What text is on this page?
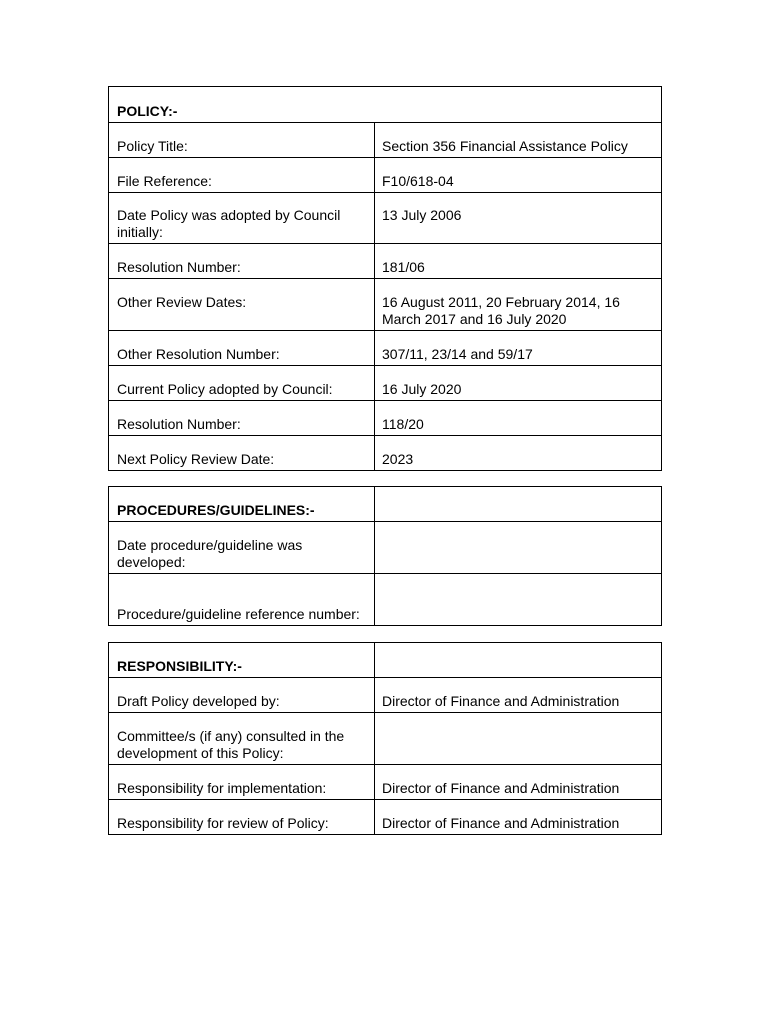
POLICY:-	
Policy Title:	Section 356 Financial Assistance Policy
File Reference:	F10/618-04
Date Policy was adopted by Council initially:	13 July 2006
Resolution Number:	181/06
Other Review Dates:	16 August 2011, 20 February 2014, 16 March 2017 and 16 July 2020
Other Resolution Number:	307/11, 23/14 and 59/17
Current Policy adopted by Council:	16 July 2020
Resolution Number:	118/20
Next Policy Review Date:	2023
PROCEDURES/GUIDELINES:-	
Date procedure/guideline was developed:	
Procedure/guideline reference number:	
RESPONSIBILITY:-	
Draft Policy developed by:	Director of Finance and Administration
Committee/s (if any) consulted in the development of this Policy:	
Responsibility for implementation:	Director of Finance and Administration
Responsibility for review of Policy:	Director of Finance and Administration
